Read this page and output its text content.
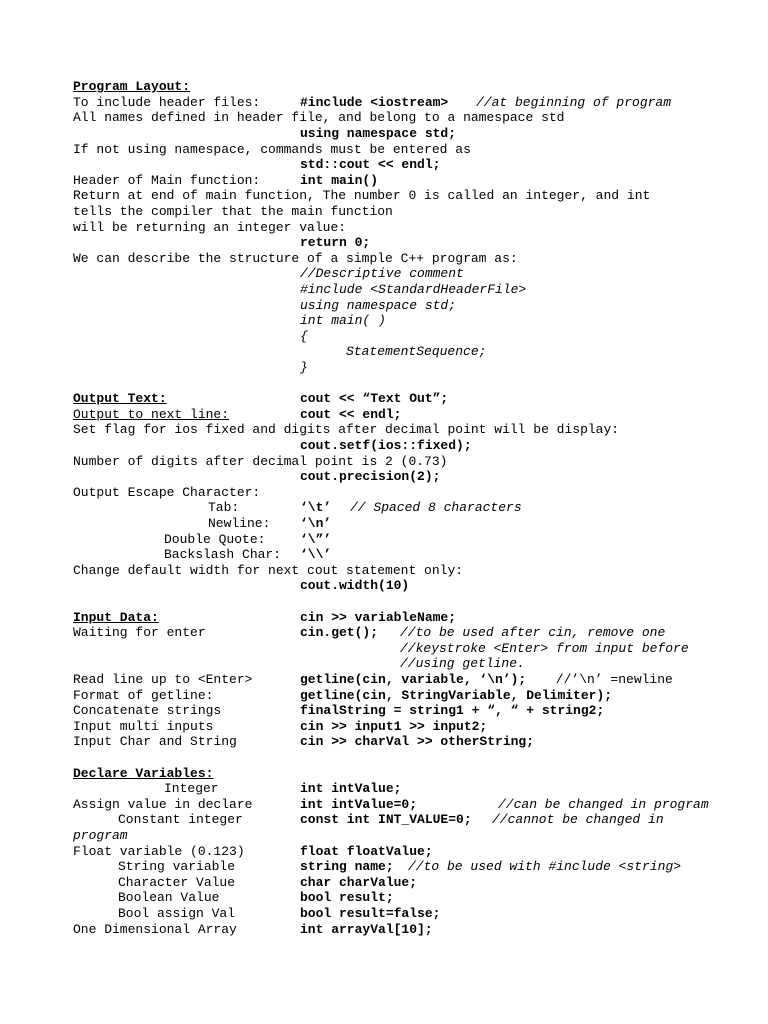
Program Layout:
To include header files:	#include <iostream> //at beginning of program
All names defined in header file, and belong to a namespace std
using namespace std;
If not using namespace, commands must be entered as
std::cout << endl;
Header of Main function:	int main()
Return at end of main function, The number 0 is called an integer, and int
tells the compiler that the main function
will be returning an integer value:
return 0;
We can describe the structure of a simple C++ program as:
//Descriptive comment
#include <StandardHeaderFile>
using namespace std;
int main( )
{
StatementSequence;
}
Output Text:	cout << “Text Out”;
Output to next line:	cout << endl;
Set flag for ios fixed and digits after decimal point will be display:
cout.setf(ios::fixed);
Number of digits after decimal point is 2 (0.73)
cout.precision(2);
Output Escape Character:
Tab:	‘\t’ // Spaced 8 characters
Newline: ‘\n’
Double Quote:	‘\”’
Backslash Char: ‘\\’
Change default width for next cout statement only:
cout.width(10)
Input Data:	cin >> variableName;
Waiting for enter	cin.get(); //to be used after cin, remove one
//keystroke <Enter> from input before
//using getline.
Read line up to <Enter>	getline(cin, variable, ‘\n’); //’\n’ =newline
Format of getline:	getline(cin, StringVariable, Delimiter);
Concatenate strings	finalString = string1 + “, “ + string2;
Input multi inputs	cin >> input1 >> input2;
Input Char and String	cin >> charVal >> otherString;
Declare Variables:
Integer	int intValue;
Assign value in declare	int intValue=0;	//can be changed in program
Constant integer	const int INT_VALUE=0; //cannot be changed in
program
Float variable (0.123)	float floatValue;
String variable	string name; //to be used with #include <string>
Character Value	char charValue;
Boolean Value	bool result;
Bool assign Val	bool result=false;
One Dimensional Array	int arrayVal[10];
